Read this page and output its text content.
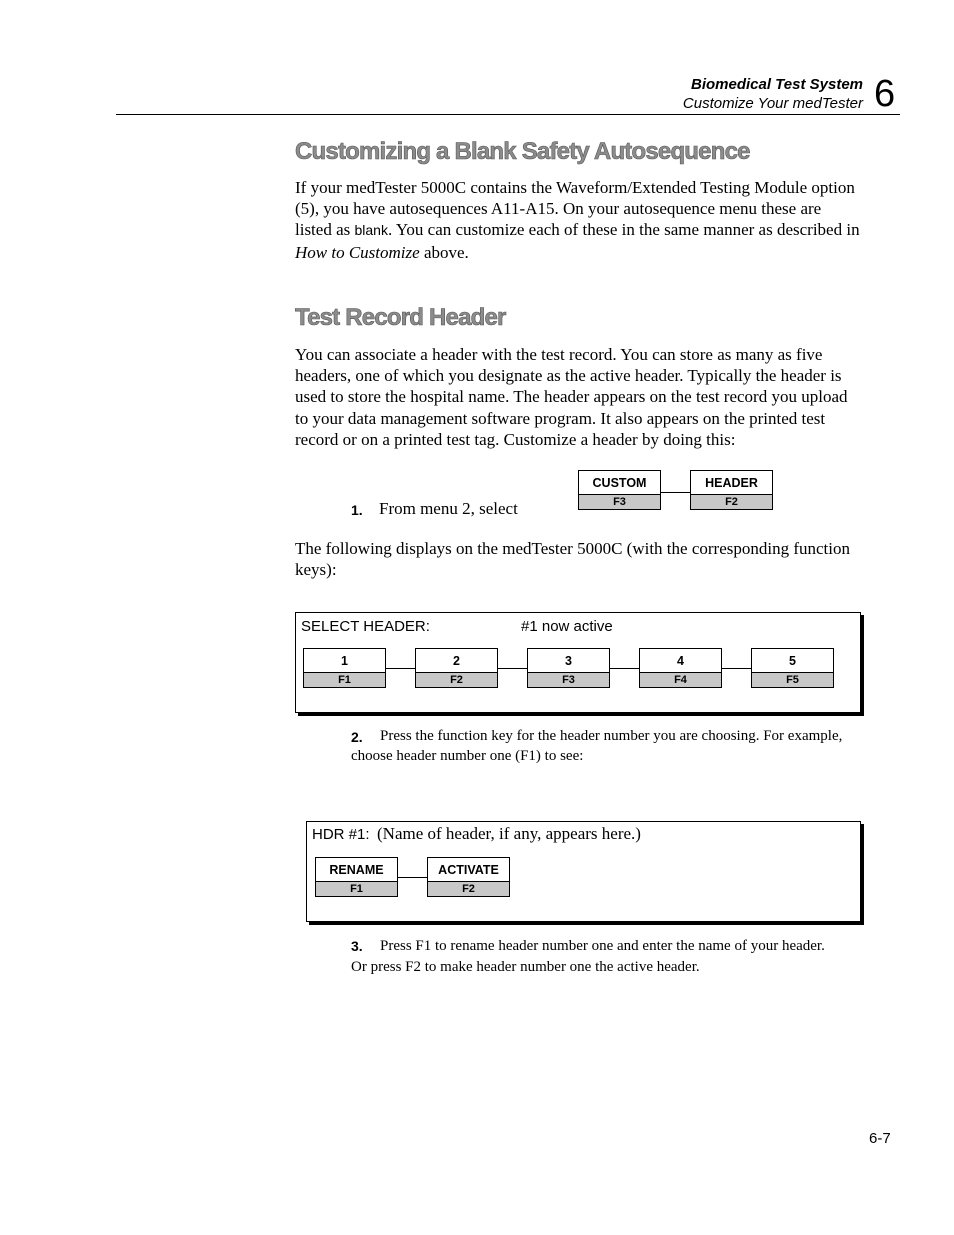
Biomedical Test System
Customize Your medTester 6
Customizing a Blank Safety Autosequence
If your medTester 5000C contains the Waveform/Extended Testing Module option (5), you have autosequences A11-A15. On your autosequence menu these are listed as blank. You can customize each of these in the same manner as described in How to Customize above.
Test Record Header
You can associate a header with the test record. You can store as many as five headers, one of which you designate as the active header. Typically the header is used to store the hospital name. The header appears on the test record you upload to your data management software program. It also appears on the printed test record or on a printed test tag. Customize a header by doing this:
1. From menu 2, select
CUSTOM
F3
HEADER
F2
The following displays on the medTester 5000C (with the corresponding function keys):
SELECT HEADER:	#1 now active
1
F1
2
F2
3
F3
4
F4
5
F5
2.	Press the function key for the header number you are choosing. For example, choose header number one (F1) to see:
HDR #1: (Name of header, if any, appears here.)
RENAME
F1
ACTIVATE
F2
3.	Press F1 to rename header number one and enter the name of your header. Or press F2 to make header number one the active header.
6-7
